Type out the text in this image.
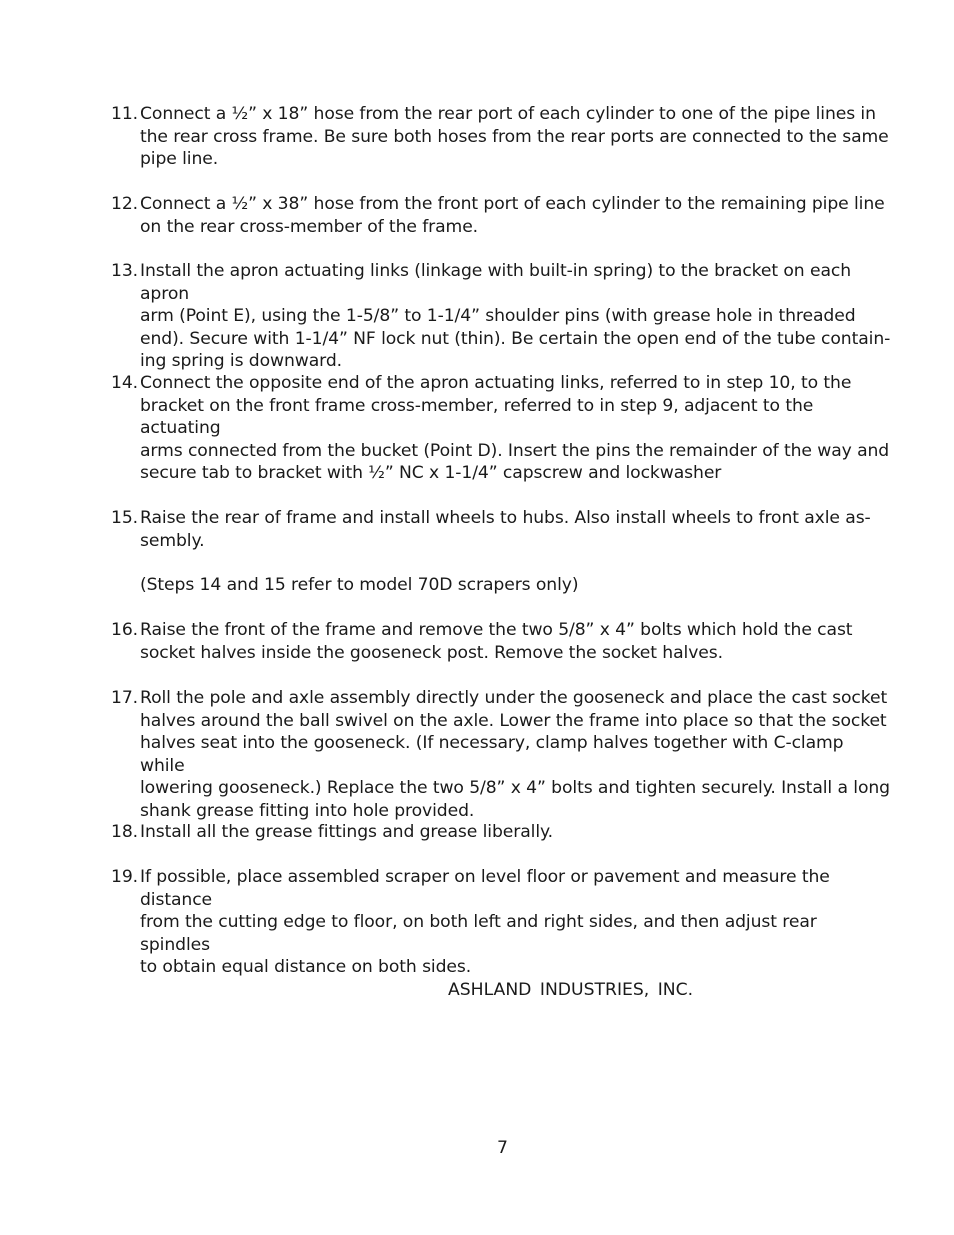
11. Connect a ½” x 18” hose from the rear port of each cylinder to one of the pipe lines in
the rear cross frame. Be sure both hoses from the rear ports are connected to the same
pipe line.
12. Connect a ½” x 38” hose from the front port of each cylinder to the remaining pipe line
on the rear cross-member of the frame.
13. Install the apron actuating links (linkage with built-in spring) to the bracket on each apron
arm (Point E), using the 1-5/8” to 1-1/4” shoulder pins (with grease hole in threaded
end). Secure with 1-1/4” NF lock nut (thin). Be certain the open end of the tube contain-
ing spring is downward.
14. Connect the opposite end of the apron actuating links, referred to in step 10, to the
bracket on the front frame cross-member, referred to in step 9, adjacent to the actuating
arms connected from the bucket (Point D). Insert the pins the remainder of the way and
secure tab to bracket with ½” NC x 1-1/4” capscrew and lockwasher
15. Raise the rear of frame and install wheels to hubs. Also install wheels to front axle as-
sembly.
(Steps 14 and 15 refer to model 70D scrapers only)
16. Raise the front of the frame and remove the two 5/8” x 4” bolts which hold the cast
socket halves inside the gooseneck post. Remove the socket halves.
17. Roll the pole and axle assembly directly under the gooseneck and place the cast socket
halves around the ball swivel on the axle. Lower the frame into place so that the socket
halves seat into the gooseneck. (If necessary, clamp halves together with C-clamp while
lowering gooseneck.) Replace the two 5/8” x 4” bolts and tighten securely. Install a long
shank grease fitting into hole provided.
18. Install all the grease fittings and grease liberally.
19. If possible, place assembled scraper on level floor or pavement and measure the distance
from the cutting edge to floor, on both left and right sides, and then adjust rear spindles
to obtain equal distance on both sides.
ASHLAND INDUSTRIES, INC.
7
